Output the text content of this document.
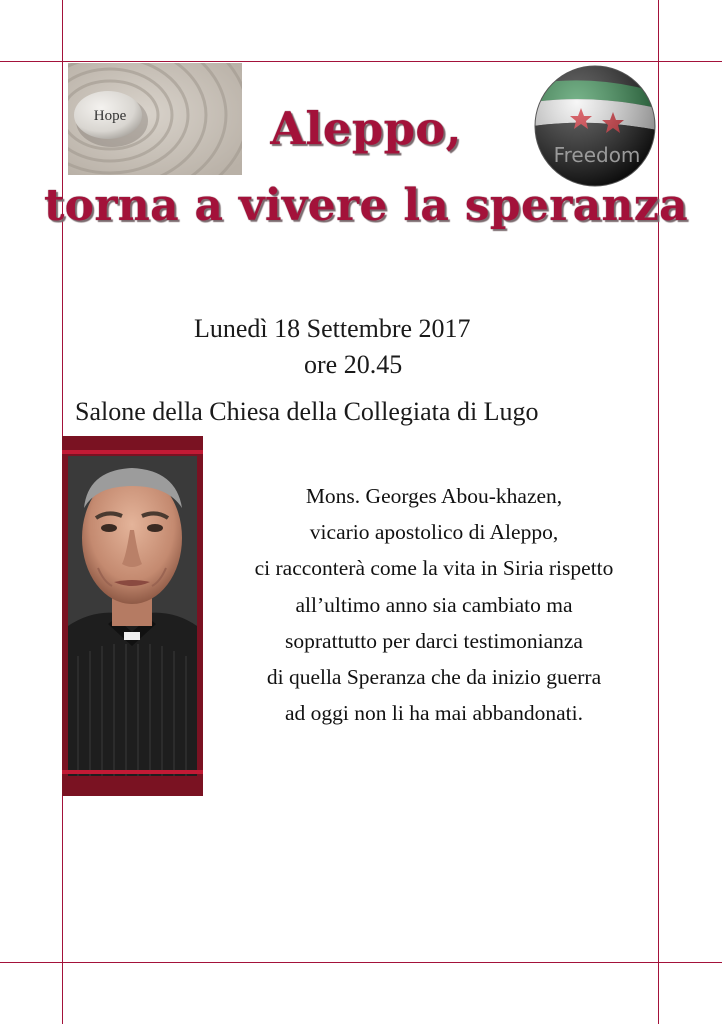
Hope
Freedom
Aleppo,
torna a vivere la speranza
Lunedì 18 Settembre 2017
ore 20.45
Salone della Chiesa della Collegiata di Lugo
Mons. Georges Abou-khazen,
vicario apostolico di Aleppo,
ci racconterà come la vita in Siria rispetto
all’ultimo anno sia cambiato ma
soprattutto per darci testimonianza
di quella Speranza che da inizio guerra
ad oggi non li ha mai abbandonati.
